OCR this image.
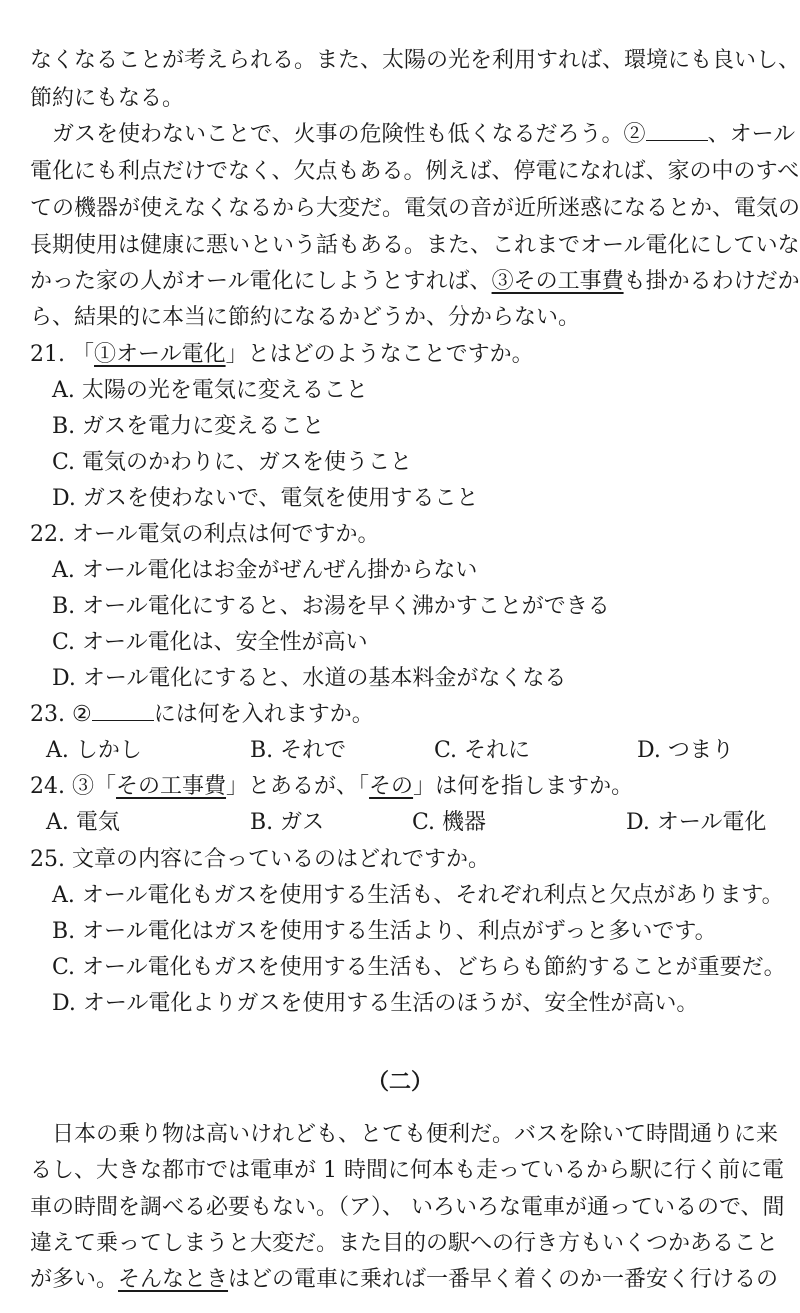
なくなることが考えられる。また、太陽の光を利用すれば、環境にも良いし、
節約にもなる。
　ガスを使わないことで、火事の危険性も低くなるだろう。②	、オール
電化にも利点だけでなく、欠点もある。例えば、停電になれば、家の中のすべ
ての機器が使えなくなるから大変だ。電気の音が近所迷惑になるとか、電気の
長期使用は健康に悪いという話もある。また、これまでオール電化にしていな
かった家の人がオール電化にしようとすれば、③その工事費も掛かるわけだか
ら、結果的に本当に節約になるかどうか、分からない。
21. 「①オール電化」とはどのようなことですか。
A. 太陽の光を電気に変えること
B. ガスを電力に変えること
C. 電気のかわりに、ガスを使うこと
D. ガスを使わないで、電気を使用すること
22. オール電気の利点は何ですか。
A. オール電化はお金がぜんぜん掛からない
B. オール電化にすると、お湯を早く沸かすことができる
C. オール電化は、安全性が高い
D. オール電化にすると、水道の基本料金がなくなる
23. ②	には何を入れますか。
A. しかし	B. それで	C. それに	D. つまり
24. ③「その工事費」とあるが、「その」は何を指しますか。
A. 電気	B. ガス	C. 機器	D. オール電化
25. 文章の内容に合っているのはどれですか。
A. オール電化もガスを使用する生活も、それぞれ利点と欠点があります。
B. オール電化はガスを使用する生活より、利点がずっと多いです。
C. オール電化もガスを使用する生活も、どちらも節約することが重要だ。
D. オール電化よりガスを使用する生活のほうが、安全性が高い。
（二）
　日本の乗り物は高いけれども、とても便利だ。バスを除いて時間通りに来
るし、大きな都市では電車が 1 時間に何本も走っているから駅に行く前に電
車の時間を調べる必要もない。（ア）、 いろいろな電車が通っているので、間
違えて乗ってしまうと大変だ。また目的の駅への行き方もいくつかあること
が多い。そんなときはどの電車に乗れば一番早く着くのか一番安く行けるの
